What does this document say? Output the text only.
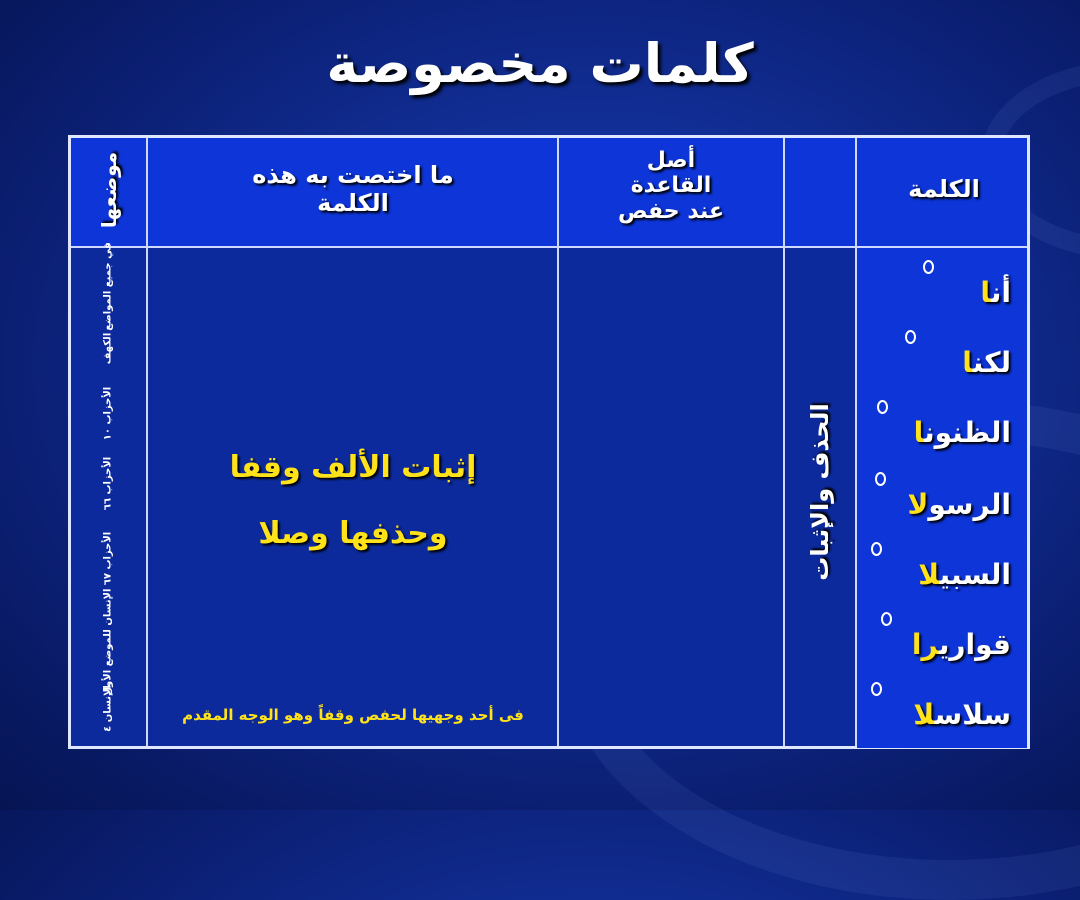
كلمات مخصوصة
الكلمة
أصل
القاعدة
عند حفص
ما اختصت به هذه
الكلمة
موضعها
أنا
لكنا
الظنونا
الرسولا
السبيلا
قواريرا
سلاسلا
الحذف والإثبات
إثبات الألف وقفا
وحذفها وصلا
فى أحد وجهيها لحفص وقفاً وهو الوجه المقدم
في جميع المواضع
الكهف
الأحزاب ١٠
الأحزاب ٦٦
الأحزاب ٦٧
الإنسان للموضع الأول
الإنسان ٤
